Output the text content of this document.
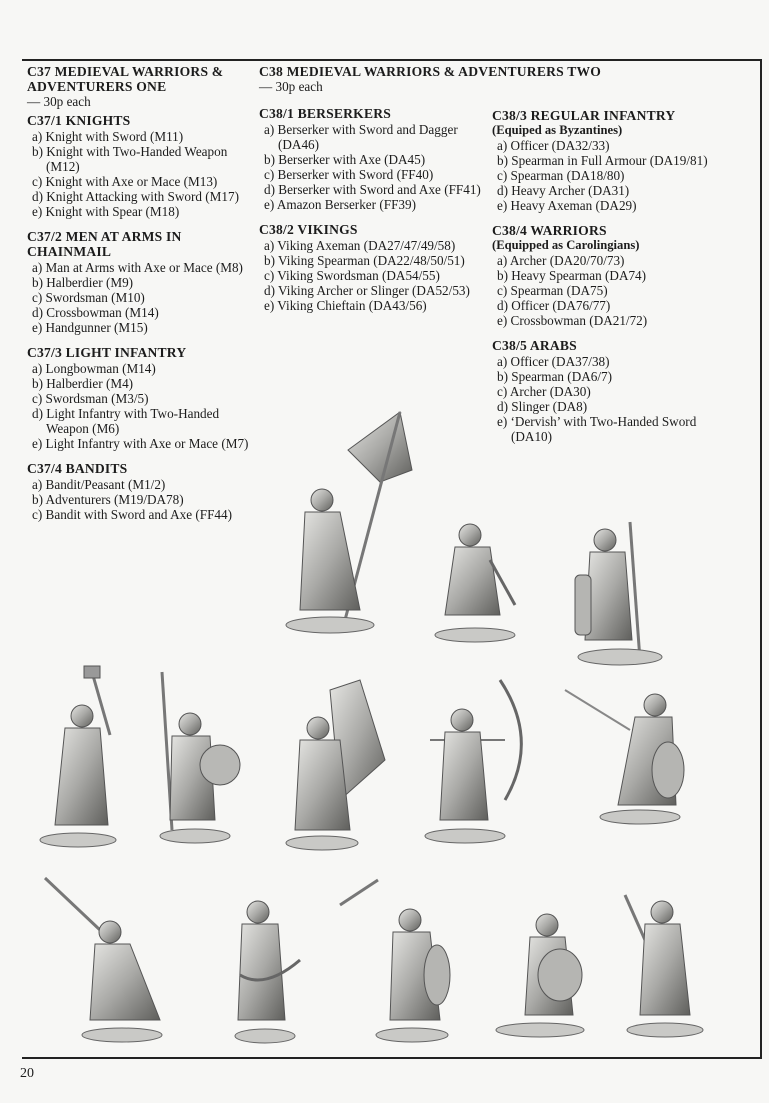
C37 MEDIEVAL WARRIORS &
ADVENTURERS ONE
— 30p each
C37/1 KNIGHTS
a) Knight with Sword (M11)
b) Knight with Two-Handed Weapon (M12)
c) Knight with Axe or Mace (M13)
d) Knight Attacking with Sword (M17)
e) Knight with Spear (M18)
C37/2 MEN AT ARMS IN
CHAINMAIL
a) Man at Arms with Axe or Mace (M8)
b) Halberdier (M9)
c) Swordsman (M10)
d) Crossbowman (M14)
e) Handgunner (M15)
C37/3 LIGHT INFANTRY
a) Longbowman (M14)
b) Halberdier (M4)
c) Swordsman (M3/5)
d) Light Infantry with Two-Handed Weapon (M6)
e) Light Infantry with Axe or Mace (M7)
C37/4 BANDITS
a) Bandit/Peasant (M1/2)
b) Adventurers (M19/DA78)
c) Bandit with Sword and Axe (FF44)
C38 MEDIEVAL WARRIORS & ADVENTURERS TWO
— 30p each
C38/1 BERSERKERS
a) Berserker with Sword and Dagger (DA46)
b) Berserker with Axe (DA45)
c) Berserker with Sword (FF40)
d) Berserker with Sword and Axe (FF41)
e) Amazon Berserker (FF39)
C38/2 VIKINGS
a) Viking Axeman (DA27/47/49/58)
b) Viking Spearman (DA22/48/50/51)
c) Viking Swordsman (DA54/55)
d) Viking Archer or Slinger (DA52/53)
e) Viking Chieftain (DA43/56)
C38/3 REGULAR INFANTRY
(Equiped as Byzantines)
a) Officer (DA32/33)
b) Spearman in Full Armour (DA19/81)
c) Spearman (DA18/80)
d) Heavy Archer (DA31)
e) Heavy Axeman (DA29)
C38/4 WARRIORS
(Equipped as Carolingians)
a) Archer (DA20/70/73)
b) Heavy Spearman (DA74)
c) Spearman (DA75)
d) Officer (DA76/77)
e) Crossbowman (DA21/72)
C38/5 ARABS
a) Officer (DA37/38)
b) Spearman (DA6/7)
c) Archer (DA30)
d) Slinger (DA8)
e) ‘Dervish’ with Two-Handed Sword (DA10)
20
